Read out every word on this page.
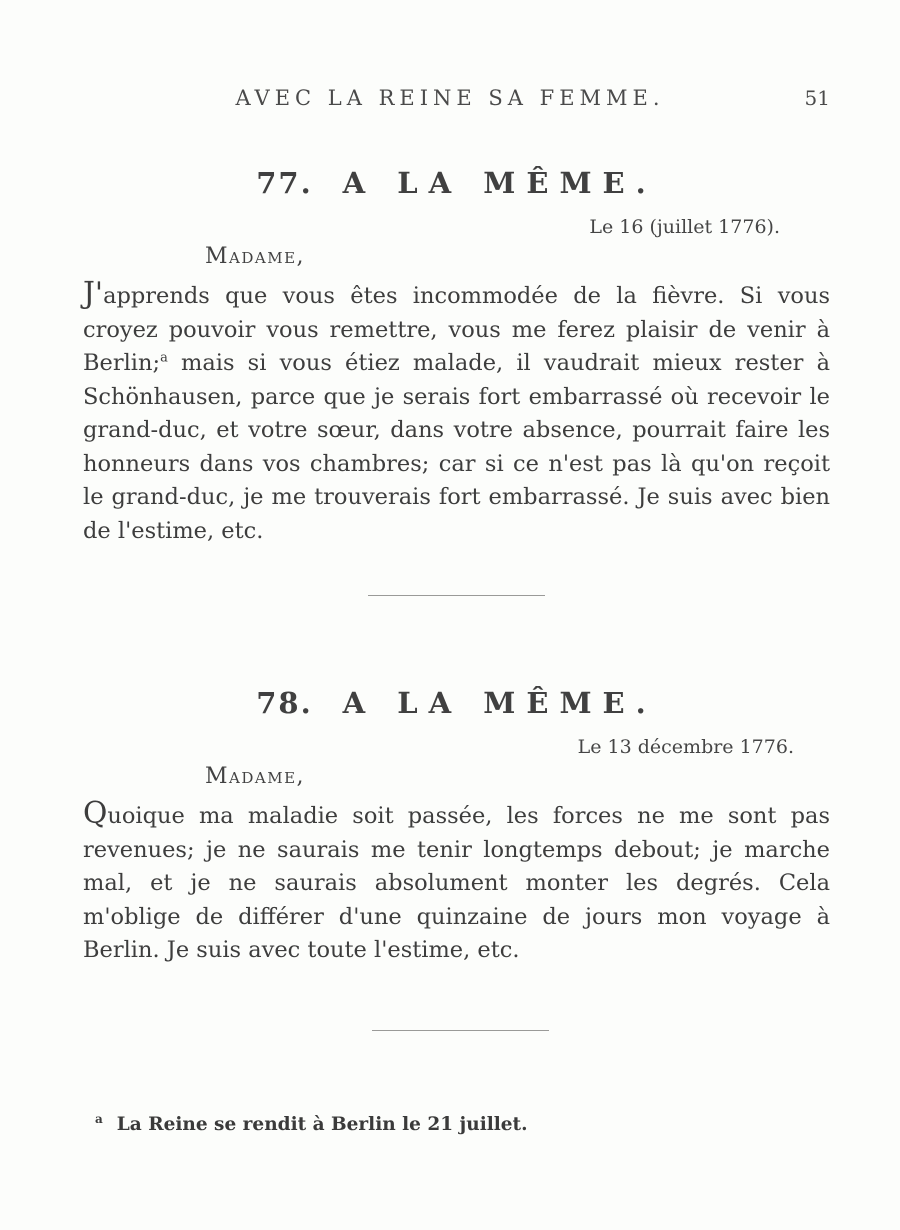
AVEC LA REINE SA FEMME.	51
77. A LA MÊME.
Le 16 (juillet 1776).
Madame,

J'apprends que vous êtes incommodée de la fièvre. Si vous croyez pouvoir vous remettre, vous me ferez plaisir de venir à Berlin;$^a$ mais si vous étiez malade, il vaudrait mieux rester à Schönhausen, parce que je serais fort embarrassé où recevoir le grand-duc, et votre sœur, dans votre absence, pourrait faire les honneurs dans vos chambres; car si ce n'est pas là qu'on reçoit le grand-duc, je me trouverais fort embarrassé. Je suis avec bien de l'estime, etc.

78. A LA MÊME.
Le 13 décembre 1776.
Madame,

Quoique ma maladie soit passée, les forces ne me sont pas revenues; je ne saurais me tenir longtemps debout; je marche mal, et je ne saurais absolument monter les degrés. Cela m'oblige de différer d'une quinzaine de jours mon voyage à Berlin. Je suis avec toute l'estime, etc.

$^a$ La Reine se rendit à Berlin le 21 juillet.
